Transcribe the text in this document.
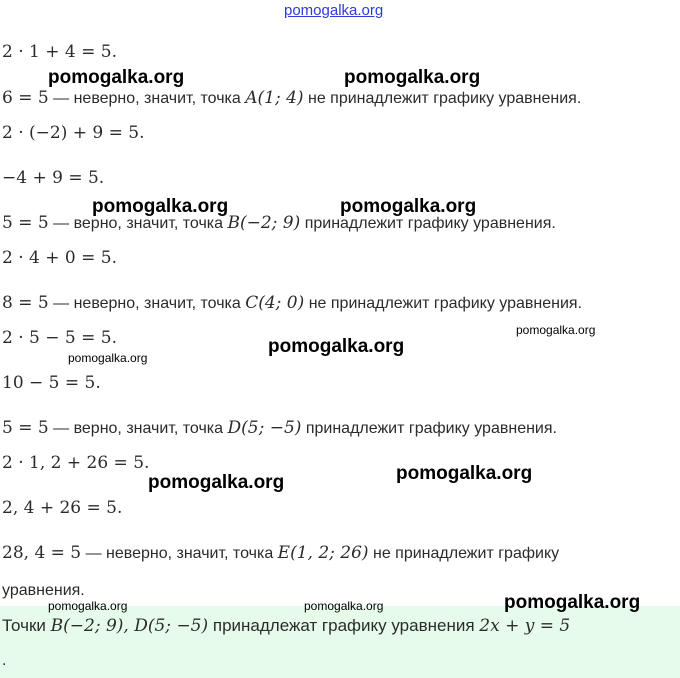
pomogalka.org
2 · 1 + 4 = 5.
6 = 5 — неверно, значит, точка A(1; 4) не принадлежит графику уравнения.
2 · (−2) + 9 = 5.
−4 + 9 = 5.
5 = 5 — верно, значит, точка B(−2; 9) принадлежит графику уравнения.
2 · 4 + 0 = 5.
8 = 5 — неверно, значит, точка C(4; 0) не принадлежит графику уравнения.
2 · 5 − 5 = 5.
10 − 5 = 5.
5 = 5 — верно, значит, точка D(5; −5) принадлежит графику уравнения.
2 · 1, 2 + 26 = 5.
2, 4 + 26 = 5.
28, 4 = 5 — неверно, значит, точка E(1, 2; 26) не принадлежит графику
уравнения.
Точки B(−2; 9), D(5; −5) принадлежат графику уравнения 2x + y = 5
.
pomogalka.org	pomogalka.org
pomogalka.org	pomogalka.org
pomogalka.org
pomogalka.org
pomogalka.org
pomogalka.org
pomogalka.org
pomogalka.org	pomogalka.org	pomogalka.org
